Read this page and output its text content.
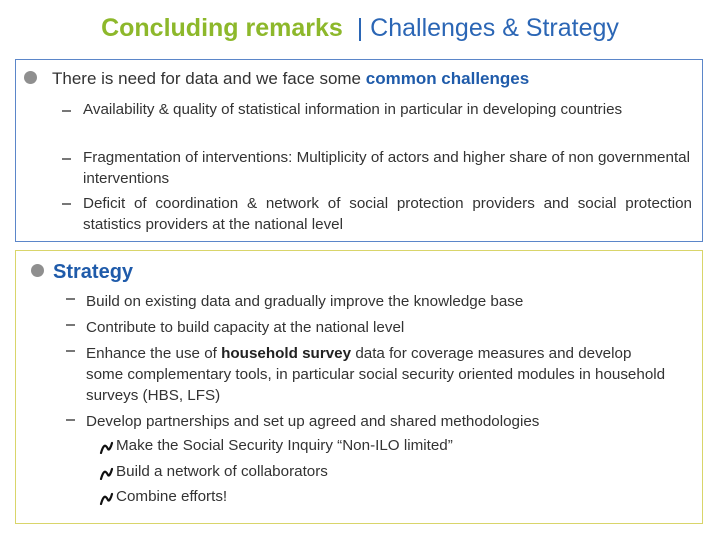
Concluding remarks | Challenges & Strategy
There is need for data and we face some common challenges
Availability & quality of statistical information in particular in developing countries
Fragmentation of interventions: Multiplicity of actors and higher share of non governmental interventions
Deficit of coordination & network of social protection providers and social protection statistics providers at the national level
Strategy
Build on existing data and gradually improve the knowledge base
Contribute to build capacity at the national level
Enhance the use of household survey data for coverage measures and develop some complementary tools, in particular social security oriented modules in household surveys (HBS, LFS)
Develop partnerships and set up agreed and shared methodologies
Make the Social Security Inquiry “Non-ILO limited”
Build a network of collaborators
Combine efforts!
